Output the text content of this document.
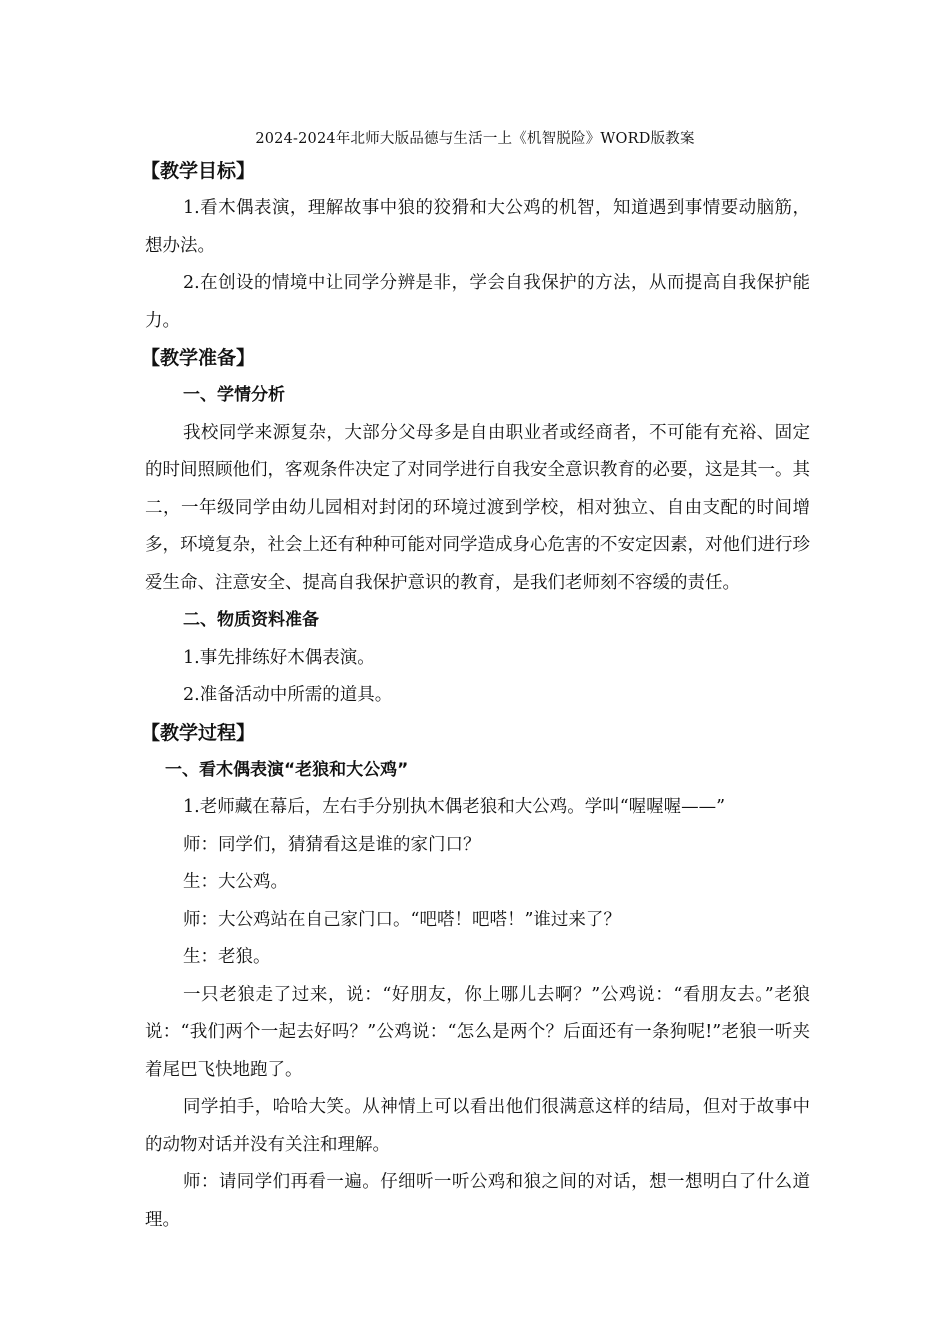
2024-2024年北师大版品德与生活一上《机智脱险》WORD版教案
【教学目标】

1.看木偶表演，理解故事中狼的狡猾和大公鸡的机智，知道遇到事情要动脑筋，想办法。

2.在创设的情境中让同学分辨是非，学会自我保护的方法，从而提高自我保护能力。

【教学准备】
一、学情分析

我校同学来源复杂，大部分父母多是自由职业者或经商者，不可能有充裕、固定的时间照顾他们，客观条件决定了对同学进行自我安全意识教育的必要，这是其一。其二，一年级同学由幼儿园相对封闭的环境过渡到学校，相对独立、自由支配的时间增多，环境复杂，社会上还有种种可能对同学造成身心危害的不安定因素，对他们进行珍爱生命、注意安全、提高自我保护意识的教育，是我们老师刻不容缓的责任。

二、物质资料准备
1.事先排练好木偶表演。
2.准备活动中所需的道具。
【教学过程】
一、看木偶表演“老狼和大公鸡”
1.老师藏在幕后，左右手分别执木偶老狼和大公鸡。学叫“喔喔喔——”
师：同学们，猜猜看这是谁的家门口？
生：大公鸡。
师：大公鸡站在自己家门口。“吧嗒！吧嗒！”谁过来了？
生：老狼。

一只老狼走了过来，说：“好朋友，你上哪儿去啊？”公鸡说：“看朋友去。”老狼说：“我们两个一起去好吗？”公鸡说：“怎么是两个？后面还有一条狗呢!”老狼一听夹着尾巴飞快地跑了。

同学拍手，哈哈大笑。从神情上可以看出他们很满意这样的结局，但对于故事中的动物对话并没有关注和理解。

师：请同学们再看一遍。仔细听一听公鸡和狼之间的对话，想一想明白了什么道理。
